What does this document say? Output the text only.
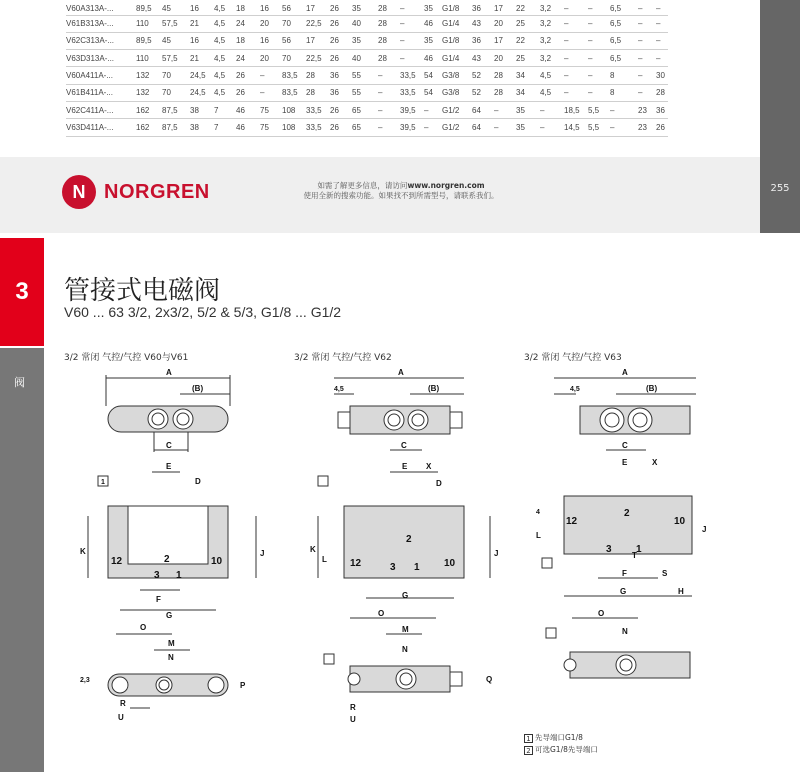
V60A313A-...	89,5	45	16	4,5	18	16	56	17	26	35	28	–	35	G1/8	36	17	22	3,2	–	–	6,5	–	–
V61B313A-...	110	57,5	21	4,5	24	20	70	22,5	26	40	28	–	46	G1/4	43	20	25	3,2	–	–	6,5	–	–
V62C313A-...	89,5	45	16	4,5	18	16	56	17	26	35	28	–	35	G1/8	36	17	22	3,2	–	–	6,5	–	–
V63D313A-...	110	57,5	21	4,5	24	20	70	22,5	26	40	28	–	46	G1/4	43	20	25	3,2	–	–	6,5	–	–
V60A411A-...	132	70	24,5	4,5	26	–	83,5	28	36	55	–	33,5	54	G3/8	52	28	34	4,5	–	–	8	–	30
V61B411A-...	132	70	24,5	4,5	26	–	83,5	28	36	55	–	33,5	54	G3/8	52	28	34	4,5	–	–	8	–	28
V62C411A-...	162	87,5	38	7	46	75	108	33,5	26	65	–	39,5	–	G1/2	64	–	35	–	18,5	5,5	–	23	36
V63D411A-...	162	87,5	38	7	46	75	108	33,5	26	65	–	39,5	–	G1/2	64	–	35	–	14,5	5,5	–	23	26
255
N NORGREN	如需了解更多信息，请访问www.norgren.com
使用全新的搜索功能。如果找不到所需型号，请联系我们。
3
阀
管接式电磁阀
V60 ... 63 3/2, 2x3/2, 5/2 & 5/3, G1/8 ... G1/2
3/2 常闭 气控/气控 V60与V61	3/2 常闭 气控/气控 V62	3/2 常闭 气控/气控 V63
A
(B)
C
E
D
1
12	10
2
3 1
K	J
F
G
O
M
N
2,3
P
R
U
A
4,5	(B)
C
E X
D
12	10
2
3 1
K
L
J
G
O
M
N
Q
R
U
A
4,5	(B)
C
E	X
2
12	10
3 1
4
L
J
T
F	S
G	H
O
N
1 先导端口G1/8
2 可选G1/8先导端口
